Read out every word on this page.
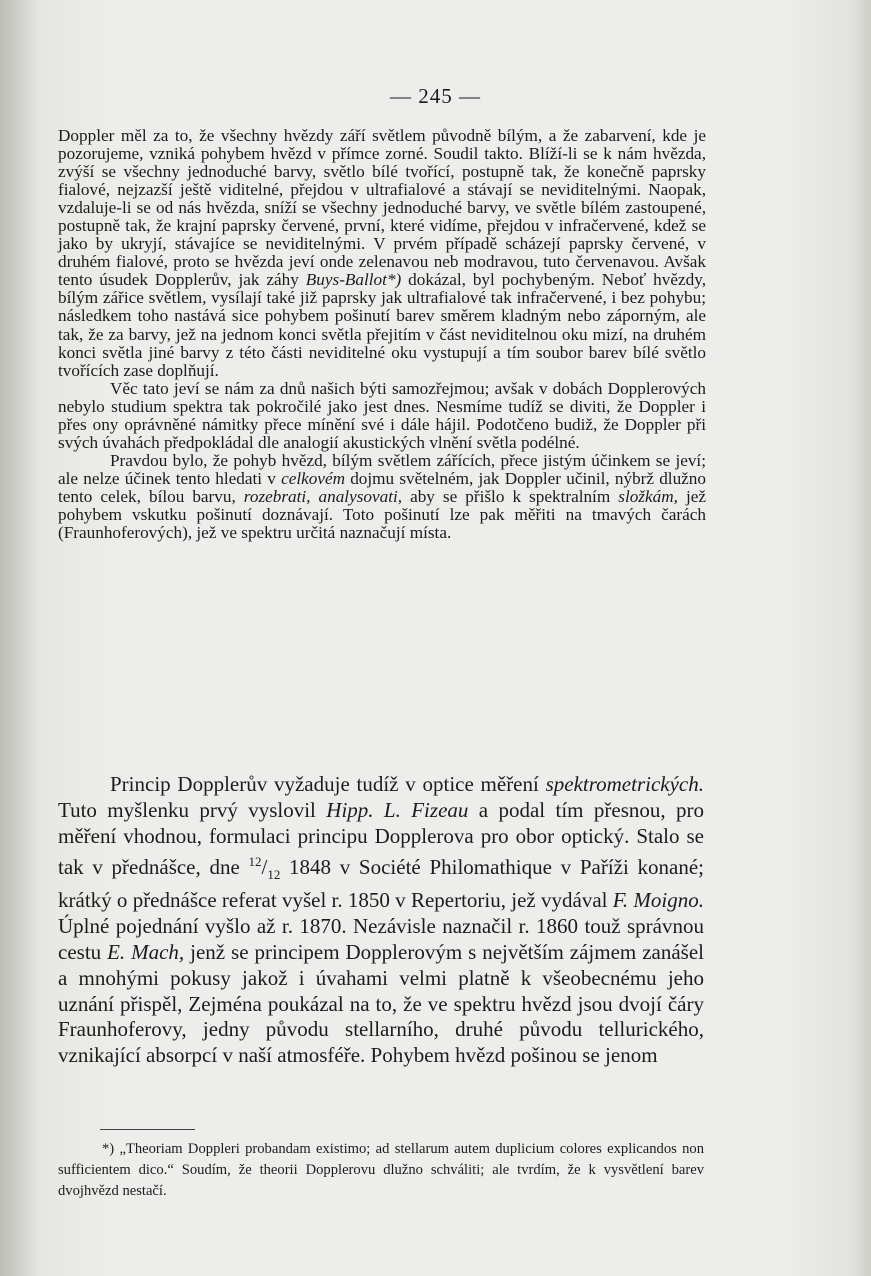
— 245 —

Doppler měl za to, že všechny hvězdy září světlem původně bílým, a že zabarvení, kde je pozorujeme, vzniká pohybem hvězd v přímce zorné. Soudil takto. Blíží-li se k nám hvězda, zvýší se všechny jednoduché barvy, světlo bílé tvořící, postupně tak, že konečně paprsky fialové, nejzazší ještě viditelné, přejdou v ultrafialové a stávají se neviditelnými. Naopak, vzdaluje-li se od nás hvězda, sníží se všechny jednoduché barvy, ve světle bílém zastoupené, postupně tak, že krajní paprsky červené, první, které vidíme, přejdou v infračervené, kdež se jako by ukryjí, stávajíce se neviditelnými. V prvém případě scházejí paprsky červené, v druhém fialové, proto se hvězda jeví onde zelenavou neb modravou, tuto červenavou. Avšak tento úsudek Dopplerův, jak záhy Buys-Ballot*) dokázal, byl pochybeným. Neboť hvězdy, bílým zářice světlem, vysílají také již paprsky jak ultrafialové tak infračervené, i bez pohybu; následkem toho nastává sice pohybem pošinutí barev směrem kladným nebo záporným, ale tak, že za barvy, jež na jednom konci světla přejitím v část neviditelnou oku mizí, na druhém konci světla jiné barvy z této části neviditelné oku vystupují a tím soubor barev bílé světlo tvořících zase doplňují.

Věc tato jeví se nám za dnů našich býti samozřejmou; avšak v dobách Dopplerových nebylo studium spektra tak pokročilé jako jest dnes. Nesmíme tudíž se diviti, že Doppler i přes ony oprávněné námitky přece mínění své i dále hájil. Podotčeno budiž, že Doppler při svých úvahách předpokládal dle analogií akustických vlnění světla podélné.

Pravdou bylo, že pohyb hvězd, bílým světlem zářících, přece jistým účinkem se jeví; ale nelze účinek tento hledati v celkovém dojmu světelném, jak Doppler učinil, nýbrž dlužno tento celek, bílou barvu, rozebrati, analysovati, aby se přišlo k spektralním složkám, jež pohybem vskutku pošinutí doznávají. Toto pošinutí lze pak měřiti na tmavých čarách (Fraunhoferových), jež ve spektru určitá naznačují místa.

Princip Dopplerův vyžaduje tudíž v optice měření spektrometrických. Tuto myšlenku prvý vyslovil Hipp. L. Fizeau a podal tím přesnou, pro měření vhodnou, formulaci principu Dopplerova pro obor optický. Stalo se tak v přednášce, dne $^{12}/_{12}$ 1848 v Société Philomathique v Paříži konané; krátký o přednášce referat vyšel r. 1850 v Repertoriu, jež vydával F. Moigno. Úplné pojednání vyšlo až r. 1870. Nezávisle naznačil r. 1860 touž správnou cestu E. Mach, jenž se principem Dopplerovým s největším zájmem zanášel a mnohými pokusy jakož i úvahami velmi platně k všeobecnému jeho uznání přispěl, Zejména poukázal na to, že ve spektru hvězd jsou dvojí čáry Fraunhoferovy, jedny původu stellarního, druhé původu tellurického, vznikající absorpcí v naší atmosféře. Pohybem hvězd pošinou se jenom

*) „Theoriam Doppleri probandam existimo; ad stellarum autem duplicium colores explicandos non sufficientem dico.“ Soudím, že theorii Dopplerovu dlužno schváliti; ale tvrdím, že k vysvětlení barev dvojhvězd nestačí.
